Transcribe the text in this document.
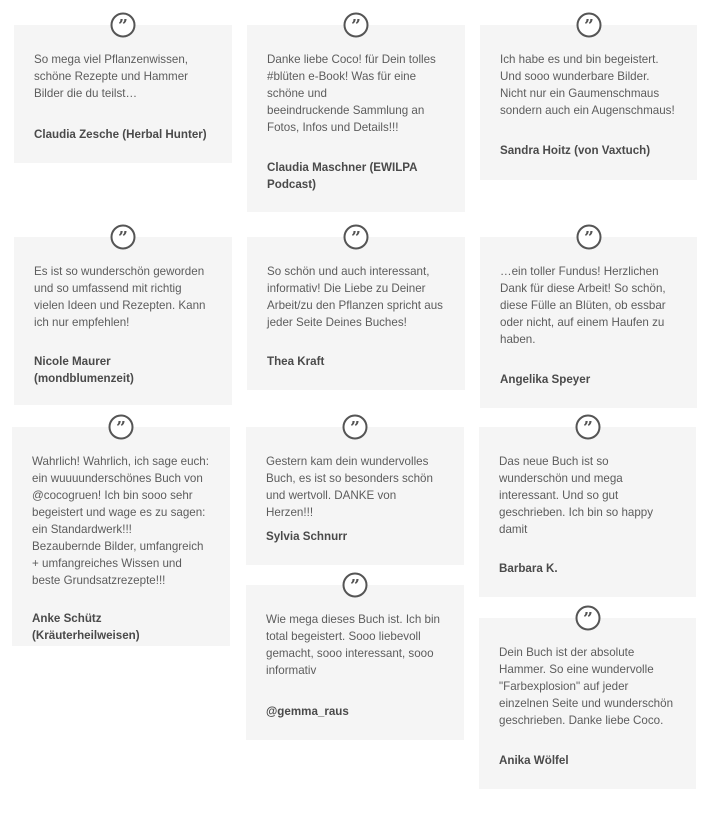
”

So mega viel Pflanzenwissen,
schöne Rezepte und Hammer
Bilder die du teilst…

Claudia Zesche (Herbal Hunter)
”

Es ist so wunderschön geworden
und so umfassend mit richtig
vielen Ideen und Rezepten. Kann
ich nur empfehlen!

Nicole Maurer
(mondblumenzeit)
”

Wahrlich! Wahrlich, ich sage euch:
ein wuuuunderschönes Buch von
@cocogruen! Ich bin sooo sehr
begeistert und wage es zu sagen:
ein Standardwerk!!!
Bezaubernde Bilder, umfangreich
+ umfangreiches Wissen und
beste Grundsatzrezepte!!!

Anke Schütz (Kräuterheilweisen)
”

Danke liebe Coco! für Dein tolles
#blüten e-Book! Was für eine
schöne und
beeindruckende Sammlung an
Fotos, Infos und Details!!!

Claudia Maschner (EWILPA
Podcast)
”

So schön und auch interessant,
informativ! Die Liebe zu Deiner
Arbeit/zu den Pflanzen spricht aus
jeder Seite Deines Buches!

Thea Kraft
”

Gestern kam dein wundervolles
Buch, es ist so besonders schön
und wertvoll. DANKE von Herzen!!!

Sylvia Schnurr
”

Wie mega dieses Buch ist. Ich bin
total begeistert. Sooo liebevoll
gemacht, sooo interessant, sooo
informativ

@gemma_raus
”

Ich habe es und bin begeistert.
Und sooo wunderbare Bilder.
Nicht nur ein Gaumenschmaus
sondern auch ein Augenschmaus!

Sandra Hoitz (von Vaxtuch)
”

…ein toller Fundus! Herzlichen
Dank für diese Arbeit! So schön,
diese Fülle an Blüten, ob essbar
oder nicht, auf einem Haufen zu
haben.

Angelika Speyer
”

Das neue Buch ist so
wunderschön und mega
interessant. Und so gut
geschrieben. Ich bin so happy
damit

Barbara K.
”

Dein Buch ist der absolute
Hammer. So eine wundervolle
"Farbexplosion" auf jeder
einzelnen Seite und wunderschön
geschrieben. Danke liebe Coco.

Anika Wölfel
